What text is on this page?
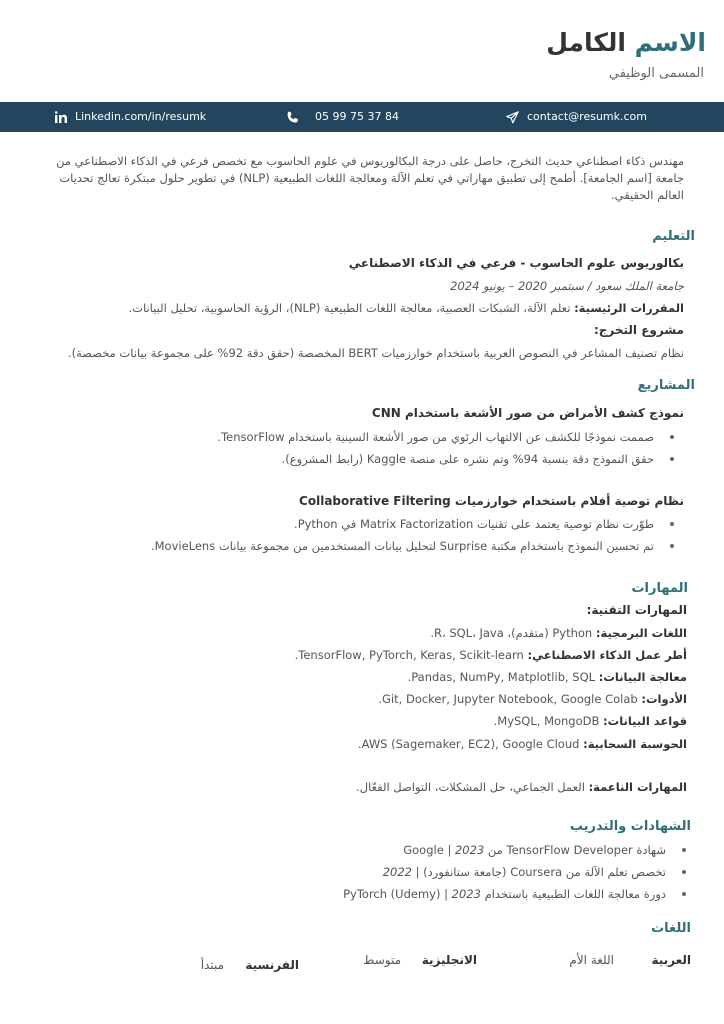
الاسم الكامل
المسمى الوظيفي
Linkedin.com/in/resumk	05 99 75 37 84	contact@resumk.com
مهندس ذكاء اصطناعي حديث التخرج، حاصل على درجة البكالوريوس في علوم الحاسوب مع تخصص فرعي في الذكاء الاصطناعي من جامعة [اسم الجامعة]. أطمح إلى تطبيق مهاراتي في تعلم الآلة ومعالجة اللغات الطبيعية (NLP) في تطوير حلول مبتكرة تعالج تحديات العالم الحقيقي.
التعليم
بكالوريوس علوم الحاسوب - فرعي في الذكاء الاصطناعي
جامعة الملك سعود / سبتمبر 2020 – يونيو 2024
المقررات الرئيسية: تعلم الآلة، الشبكات العصبية، معالجة اللغات الطبيعية (NLP)، الرؤية الحاسوبية، تحليل البيانات.
مشروع التخرج:
نظام تصنيف المشاعر في النصوص العربية باستخدام خوارزميات BERT المخصصة (حقق دقة 92% على مجموعة بيانات مخصصة).
المشاريع
نموذج كشف الأمراض من صور الأشعة باستخدام CNN
صممت نموذجًا للكشف عن الالتهاب الرئوي من صور الأشعة السينية باستخدام TensorFlow.
حقق النموذج دقة بنسبة 94% وتم نشره على منصة Kaggle (رابط المشروع).
نظام توصية أفلام باستخدام خوارزميات Collaborative Filtering
طوّرت نظام توصية يعتمد على تقنيات Matrix Factorization في Python.
تم تحسين النموذج باستخدام مكتبة Surprise لتحليل بيانات المستخدمين من مجموعة بيانات MovieLens.
المهارات
المهارات التقنية:
اللغات البرمجية: Python (متقدم)، R، SQL، Java.
أطر عمل الذكاء الاصطناعي: TensorFlow, PyTorch, Keras, Scikit-learn.
معالجة البيانات: Pandas, NumPy, Matplotlib, SQL.
الأدوات: Git, Docker, Jupyter Notebook, Google Colab.
قواعد البيانات: MySQL, MongoDB.
الحوسبة السحابية: AWS (Sagemaker, EC2), Google Cloud.
المهارات الناعمة: العمل الجماعي، حل المشكلات، التواصل الفعّال.
الشهادات والتدريب
شهادة TensorFlow Developer من 2023 | Google
تخصص تعلم الآلة من Coursera (جامعة ستانفورد) | 2022
دورة معالجة اللغات الطبيعية باستخدام 2023 | PyTorch (Udemy)
اللغات
العربية
اللغة الأم
الانجليزية
متوسط
الفرنسية
مبتدأ
